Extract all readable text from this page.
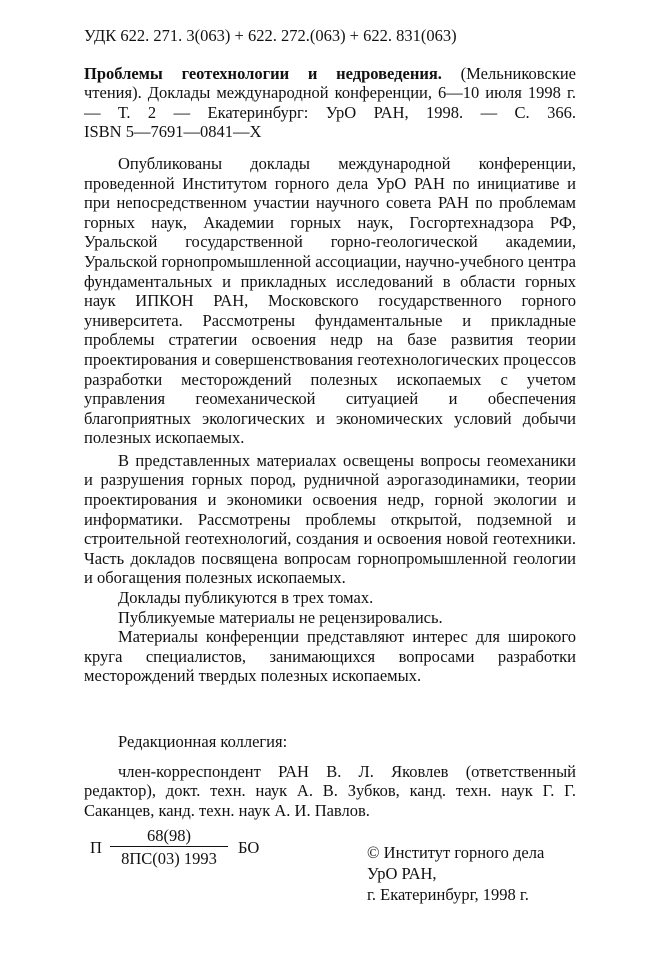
УДК 622. 271. 3(063) + 622. 272.(063) + 622. 831(063)

Проблемы геотехнологии и недроведения. (Мельниковские чтения). Доклады международной конференции, 6—10 июля 1998 г. — Т. 2 — Екатеринбург: УрО РАН, 1998. — С. 366. ISBN 5—7691—0841—X

Опубликованы доклады международной конференции, проведенной Институтом горного дела УрО РАН по инициативе и при непосредственном участии научного совета РАН по проблемам горных наук, Академии горных наук, Госгортехнадзора РФ, Уральской государственной горно-геологической академии, Уральской горнопромышленной ассоциации, научно-учебного центра фундаментальных и прикладных исследований в области горных наук ИПКОН РАН, Московского государственного горного университета. Рассмотрены фундаментальные и прикладные проблемы стратегии освоения недр на базе развития теории проектирования и совершенствования геотехнологических процессов разработки месторождений полезных ископаемых с учетом управления геомеханической ситуацией и обеспечения благоприятных экологических и экономических условий добычи полезных ископаемых.

В представленных материалах освещены вопросы геомеханики и разрушения горных пород, рудничной аэрогазодинамики, теории проектирования и экономики освоения недр, горной экологии и информатики. Рассмотрены проблемы открытой, подземной и строительной геотехнологий, создания и освоения новой геотехники. Часть докладов посвящена вопросам горнопромышленной геологии и обогащения полезных ископаемых.

Доклады публикуются в трех томах.

Публикуемые материалы не рецензировались.

Материалы конференции представляют интерес для широкого круга специалистов, занимающихся вопросами разработки месторождений твердых полезных ископаемых.

Редакционная коллегия:

член-корреспондент РАН В. Л. Яковлев (ответственный редактор), докт. техн. наук А. В. Зубков, канд. техн. наук Г. Г. Саканцев, канд. техн. наук А. И. Павлов.

П
68(98)
8ПС(03) 1993
БО	© Институт горного дела
УрО РАН,
г. Екатеринбург, 1998 г.
